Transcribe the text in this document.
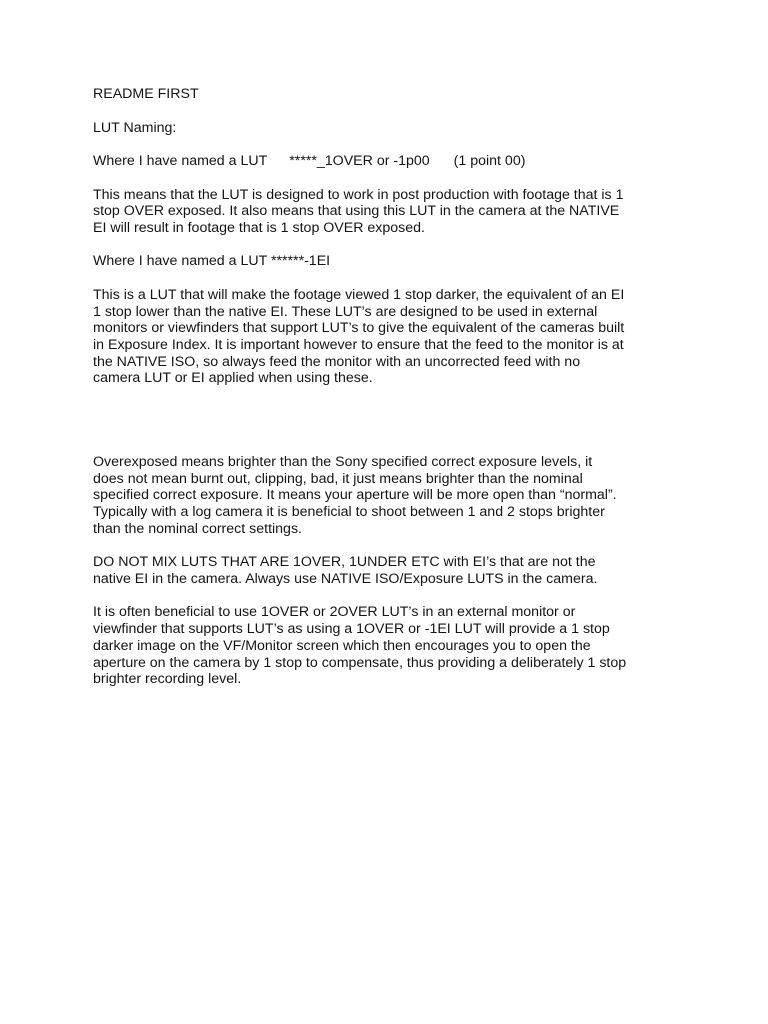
README FIRST
LUT Naming:
Where I have named a LUT *****_1OVER or -1p00 (1 point 00)
This means that the LUT is designed to work in post production with footage that is 1
stop OVER exposed. It also means that using this LUT in the camera at the NATIVE
EI will result in footage that is 1 stop OVER exposed.
Where I have named a LUT ******-1EI
This is a LUT that will make the footage viewed 1 stop darker, the equivalent of an EI
1 stop lower than the native EI. These LUT’s are designed to be used in external
monitors or viewfinders that support LUT’s to give the equivalent of the cameras built
in Exposure Index. It is important however to ensure that the feed to the monitor is at
the NATIVE ISO, so always feed the monitor with an uncorrected feed with no
camera LUT or EI applied when using these.
Overexposed means brighter than the Sony specified correct exposure levels, it
does not mean burnt out, clipping, bad, it just means brighter than the nominal
specified correct exposure. It means your aperture will be more open than “normal”.
Typically with a log camera it is beneficial to shoot between 1 and 2 stops brighter
than the nominal correct settings.
DO NOT MIX LUTS THAT ARE 1OVER, 1UNDER ETC with EI’s that are not the
native EI in the camera. Always use NATIVE ISO/Exposure LUTS in the camera.
It is often beneficial to use 1OVER or 2OVER LUT’s in an external monitor or
viewfinder that supports LUT’s as using a 1OVER or -1EI LUT will provide a 1 stop
darker image on the VF/Monitor screen which then encourages you to open the
aperture on the camera by 1 stop to compensate, thus providing a deliberately 1 stop
brighter recording level.
